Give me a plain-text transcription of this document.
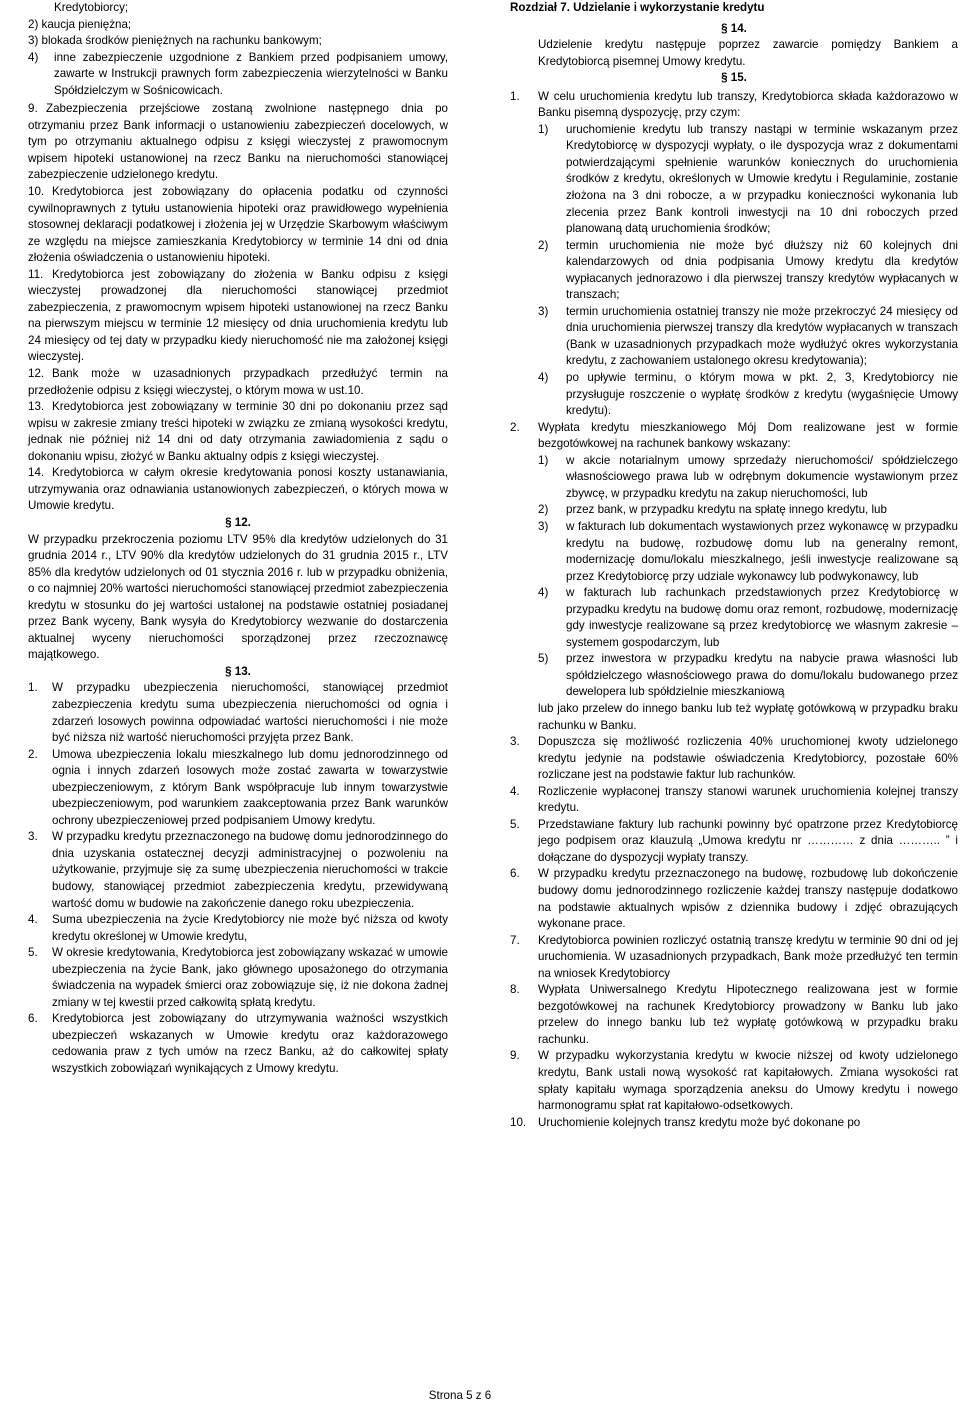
Kredytobiorcy;

2) kaucja pieniężna;

3) blokada środków pieniężnych na rachunku bankowym;

4)	inne zabezpieczenie uzgodnione z Bankiem przed podpisaniem umowy, zawarte w Instrukcji prawnych form zabezpieczenia wierzytelności w Banku Spółdzielczym w Sośnicowicach.
9. Zabezpieczenia przejściowe zostaną zwolnione następnego dnia po otrzymaniu przez Bank informacji o ustanowieniu zabezpieczeń docelowych, w tym po otrzymaniu aktualnego odpisu z księgi wieczystej z prawomocnym wpisem hipoteki ustanowionej na rzecz Banku na nieruchomości stanowiącej zabezpieczenie udzielonego kredytu.
10. Kredytobiorca jest zobowiązany do opłacenia podatku od czynności cywilnoprawnych z tytułu ustanowienia hipoteki oraz prawidłowego wypełnienia stosownej deklaracji podatkowej i złożenia jej w Urzędzie Skarbowym właściwym ze względu na miejsce zamieszkania Kredytobiorcy w terminie 14 dni od dnia złożenia oświadczenia o ustanowieniu hipoteki.
11. Kredytobiorca jest zobowiązany do złożenia w Banku odpisu z księgi wieczystej prowadzonej dla nieruchomości stanowiącej przedmiot zabezpieczenia, z prawomocnym wpisem hipoteki ustanowionej na rzecz Banku na pierwszym miejscu w terminie 12 miesięcy od dnia uruchomienia kredytu lub 24 miesięcy od tej daty w przypadku kiedy nieruchomość nie ma założonej księgi wieczystej.
12. Bank może w uzasadnionych przypadkach przedłużyć termin na przedłożenie odpisu z księgi wieczystej, o którym mowa w ust.10.
13. Kredytobiorca jest zobowiązany w terminie 30 dni po dokonaniu przez sąd wpisu w zakresie zmiany treści hipoteki w związku ze zmianą wysokości kredytu, jednak nie później niż 14 dni od daty otrzymania zawiadomienia z sądu o dokonaniu wpisu, złożyć w Banku aktualny odpis z księgi wieczystej.
14. Kredytobiorca w całym okresie kredytowania ponosi koszty ustanawiania, utrzymywania oraz odnawiania ustanowionych zabezpieczeń, o których mowa w Umowie kredytu.

§ 12.

W przypadku przekroczenia poziomu LTV 95% dla kredytów udzielonych do 31 grudnia 2014 r., LTV 90% dla kredytów udzielonych do 31 grudnia 2015 r., LTV 85% dla kredytów udzielonych od 01 stycznia 2016 r. lub w przypadku obniżenia, o co najmniej 20% wartości nieruchomości stanowiącej przedmiot zabezpieczenia kredytu w stosunku do jej wartości ustalonej na podstawie ostatniej posiadanej przez Bank wyceny, Bank wysyła do Kredytobiorcy wezwanie do dostarczenia aktualnej wyceny nieruchomości sporządzonej przez rzeczoznawcę majątkowego.

§ 13.

1.	W przypadku ubezpieczenia nieruchomości, stanowiącej przedmiot zabezpieczenia kredytu suma ubezpieczenia nieruchomości od ognia i zdarzeń losowych powinna odpowiadać wartości nieruchomości i nie może być niższa niż wartość nieruchomości przyjęta przez Bank.
2.	Umowa ubezpieczenia lokalu mieszkalnego lub domu jednorodzinnego od ognia i innych zdarzeń losowych może zostać zawarta w towarzystwie ubezpieczeniowym, z którym Bank współpracuje lub innym towarzystwie ubezpieczeniowym, pod warunkiem zaakceptowania przez Bank warunków ochrony ubezpieczeniowej przed podpisaniem Umowy kredytu.
3.	W przypadku kredytu przeznaczonego na budowę domu jednorodzinnego do dnia uzyskania ostatecznej decyzji administracyjnej o pozwoleniu na użytkowanie, przyjmuje się za sumę ubezpieczenia nieruchomości w trakcie budowy, stanowiącej przedmiot zabezpieczenia kredytu, przewidywaną wartość domu w budowie na zakończenie danego roku ubezpieczenia.
4.	Suma ubezpieczenia na życie Kredytobiorcy nie może być niższa od kwoty kredytu określonej w Umowie kredytu,
5.	W okresie kredytowania, Kredytobiorca jest zobowiązany wskazać w umowie ubezpieczenia na życie Bank, jako głównego uposażonego do otrzymania świadczenia na wypadek śmierci oraz zobowiązuje się, iż nie dokona żadnej zmiany w tej kwestii przed całkowitą spłatą kredytu.
6.	Kredytobiorca jest zobowiązany do utrzymywania ważności wszystkich ubezpieczeń wskazanych w Umowie kredytu oraz każdorazowego cedowania praw z tych umów na rzecz Banku, aż do całkowitej spłaty wszystkich zobowiązań wynikających z Umowy kredytu.

Rozdział 7. Udzielanie i wykorzystanie kredytu

§ 14.

Udzielenie kredytu następuje poprzez zawarcie pomiędzy Bankiem a Kredytobiorcą pisemnej Umowy kredytu.

§ 15.

1.	W celu uruchomienia kredytu lub transzy, Kredytobiorca składa każdorazowo w Banku pisemną dyspozycję, przy czym:
1)	uruchomienie kredytu lub transzy nastąpi w terminie wskazanym przez Kredytobiorcę w dyspozycji wypłaty, o ile dyspozycja wraz z dokumentami potwierdzającymi spełnienie warunków koniecznych do uruchomienia środków z kredytu, określonych w Umowie kredytu i Regulaminie, zostanie złożona na 3 dni robocze, a w przypadku konieczności wykonania lub zlecenia przez Bank kontroli inwestycji na 10 dni roboczych przed planowaną datą uruchomienia środków;
2)	termin uruchomienia nie może być dłuższy niż 60 kolejnych dni kalendarzowych od dnia podpisania Umowy kredytu dla kredytów wypłacanych jednorazowo i dla pierwszej transzy kredytów wypłacanych w transzach;
3)	termin uruchomienia ostatniej transzy nie może przekroczyć 24 miesięcy od dnia uruchomienia pierwszej transzy dla kredytów wypłacanych w transzach (Bank w uzasadnionych przypadkach może wydłużyć okres wykorzystania kredytu, z zachowaniem ustalonego okresu kredytowania);
4)	po upływie terminu, o którym mowa w pkt. 2, 3, Kredytobiorcy nie przysługuje roszczenie o wypłatę środków z kredytu (wygaśnięcie Umowy kredytu).
2.	Wypłata kredytu mieszkaniowego Mój Dom realizowane jest w formie bezgotówkowej na rachunek bankowy wskazany:
1)	w akcie notarialnym umowy sprzedaży nieruchomości/ spółdzielczego własnościowego prawa lub w odrębnym dokumencie wystawionym przez zbywcę, w przypadku kredytu na zakup nieruchomości, lub
2)	przez bank, w przypadku kredytu na spłatę innego kredytu, lub
3)	w fakturach lub dokumentach wystawionych przez wykonawcę w przypadku kredytu na budowę, rozbudowę domu lub na generalny remont, modernizację domu/lokalu mieszkalnego, jeśli inwestycje realizowane są przez Kredytobiorcę przy udziale wykonawcy lub podwykonawcy, lub
4)	w fakturach lub rachunkach przedstawionych przez Kredytobiorcę w przypadku kredytu na budowę domu oraz remont, rozbudowę, modernizację gdy inwestycje realizowane są przez kredytobiorcę we własnym zakresie – systemem gospodarczym, lub
5)	przez inwestora w przypadku kredytu na nabycie prawa własności lub spółdzielczego własnościowego prawa do domu/lokalu budowanego przez dewelopera lub spółdzielnie mieszkaniową

lub jako przelew do innego banku lub też wypłatę gotówkową w przypadku braku rachunku w Banku.

3.	Dopuszcza się możliwość rozliczenia 40% uruchomionej kwoty udzielonego kredytu jedynie na podstawie oświadczenia Kredytobiorcy, pozostałe 60% rozliczane jest na podstawie faktur lub rachunków.
4.	Rozliczenie wypłaconej transzy stanowi warunek uruchomienia kolejnej transzy kredytu.
5.	Przedstawiane faktury lub rachunki powinny być opatrzone przez Kredytobiorcę jego podpisem oraz klauzulą „Umowa kredytu nr ………… z dnia ……….. ” i dołączane do dyspozycji wypłaty transzy.
6.	W przypadku kredytu przeznaczonego na budowę, rozbudowę lub dokończenie budowy domu jednorodzinnego rozliczenie każdej transzy następuje dodatkowo na podstawie aktualnych wpisów z dziennika budowy i zdjęć obrazujących wykonane prace.
7.	Kredytobiorca powinien rozliczyć ostatnią transzę kredytu w terminie 90 dni od jej uruchomienia. W uzasadnionych przypadkach, Bank może przedłużyć ten termin na wniosek Kredytobiorcy
8.	Wypłata Uniwersalnego Kredytu Hipotecznego realizowana jest w formie bezgotówkowej na rachunek Kredytobiorcy prowadzony w Banku lub jako przelew do innego banku lub też wypłatę gotówkową w przypadku braku rachunku.
9.	W przypadku wykorzystania kredytu w kwocie niższej od kwoty udzielonego kredytu, Bank ustali nową wysokość rat kapitałowych. Zmiana wysokości rat spłaty kapitału wymaga sporządzenia aneksu do Umowy kredytu i nowego harmonogramu spłat rat kapitałowo-odsetkowych.
10.	Uruchomienie kolejnych transz kredytu może być dokonane po
Strona 5 z 6
